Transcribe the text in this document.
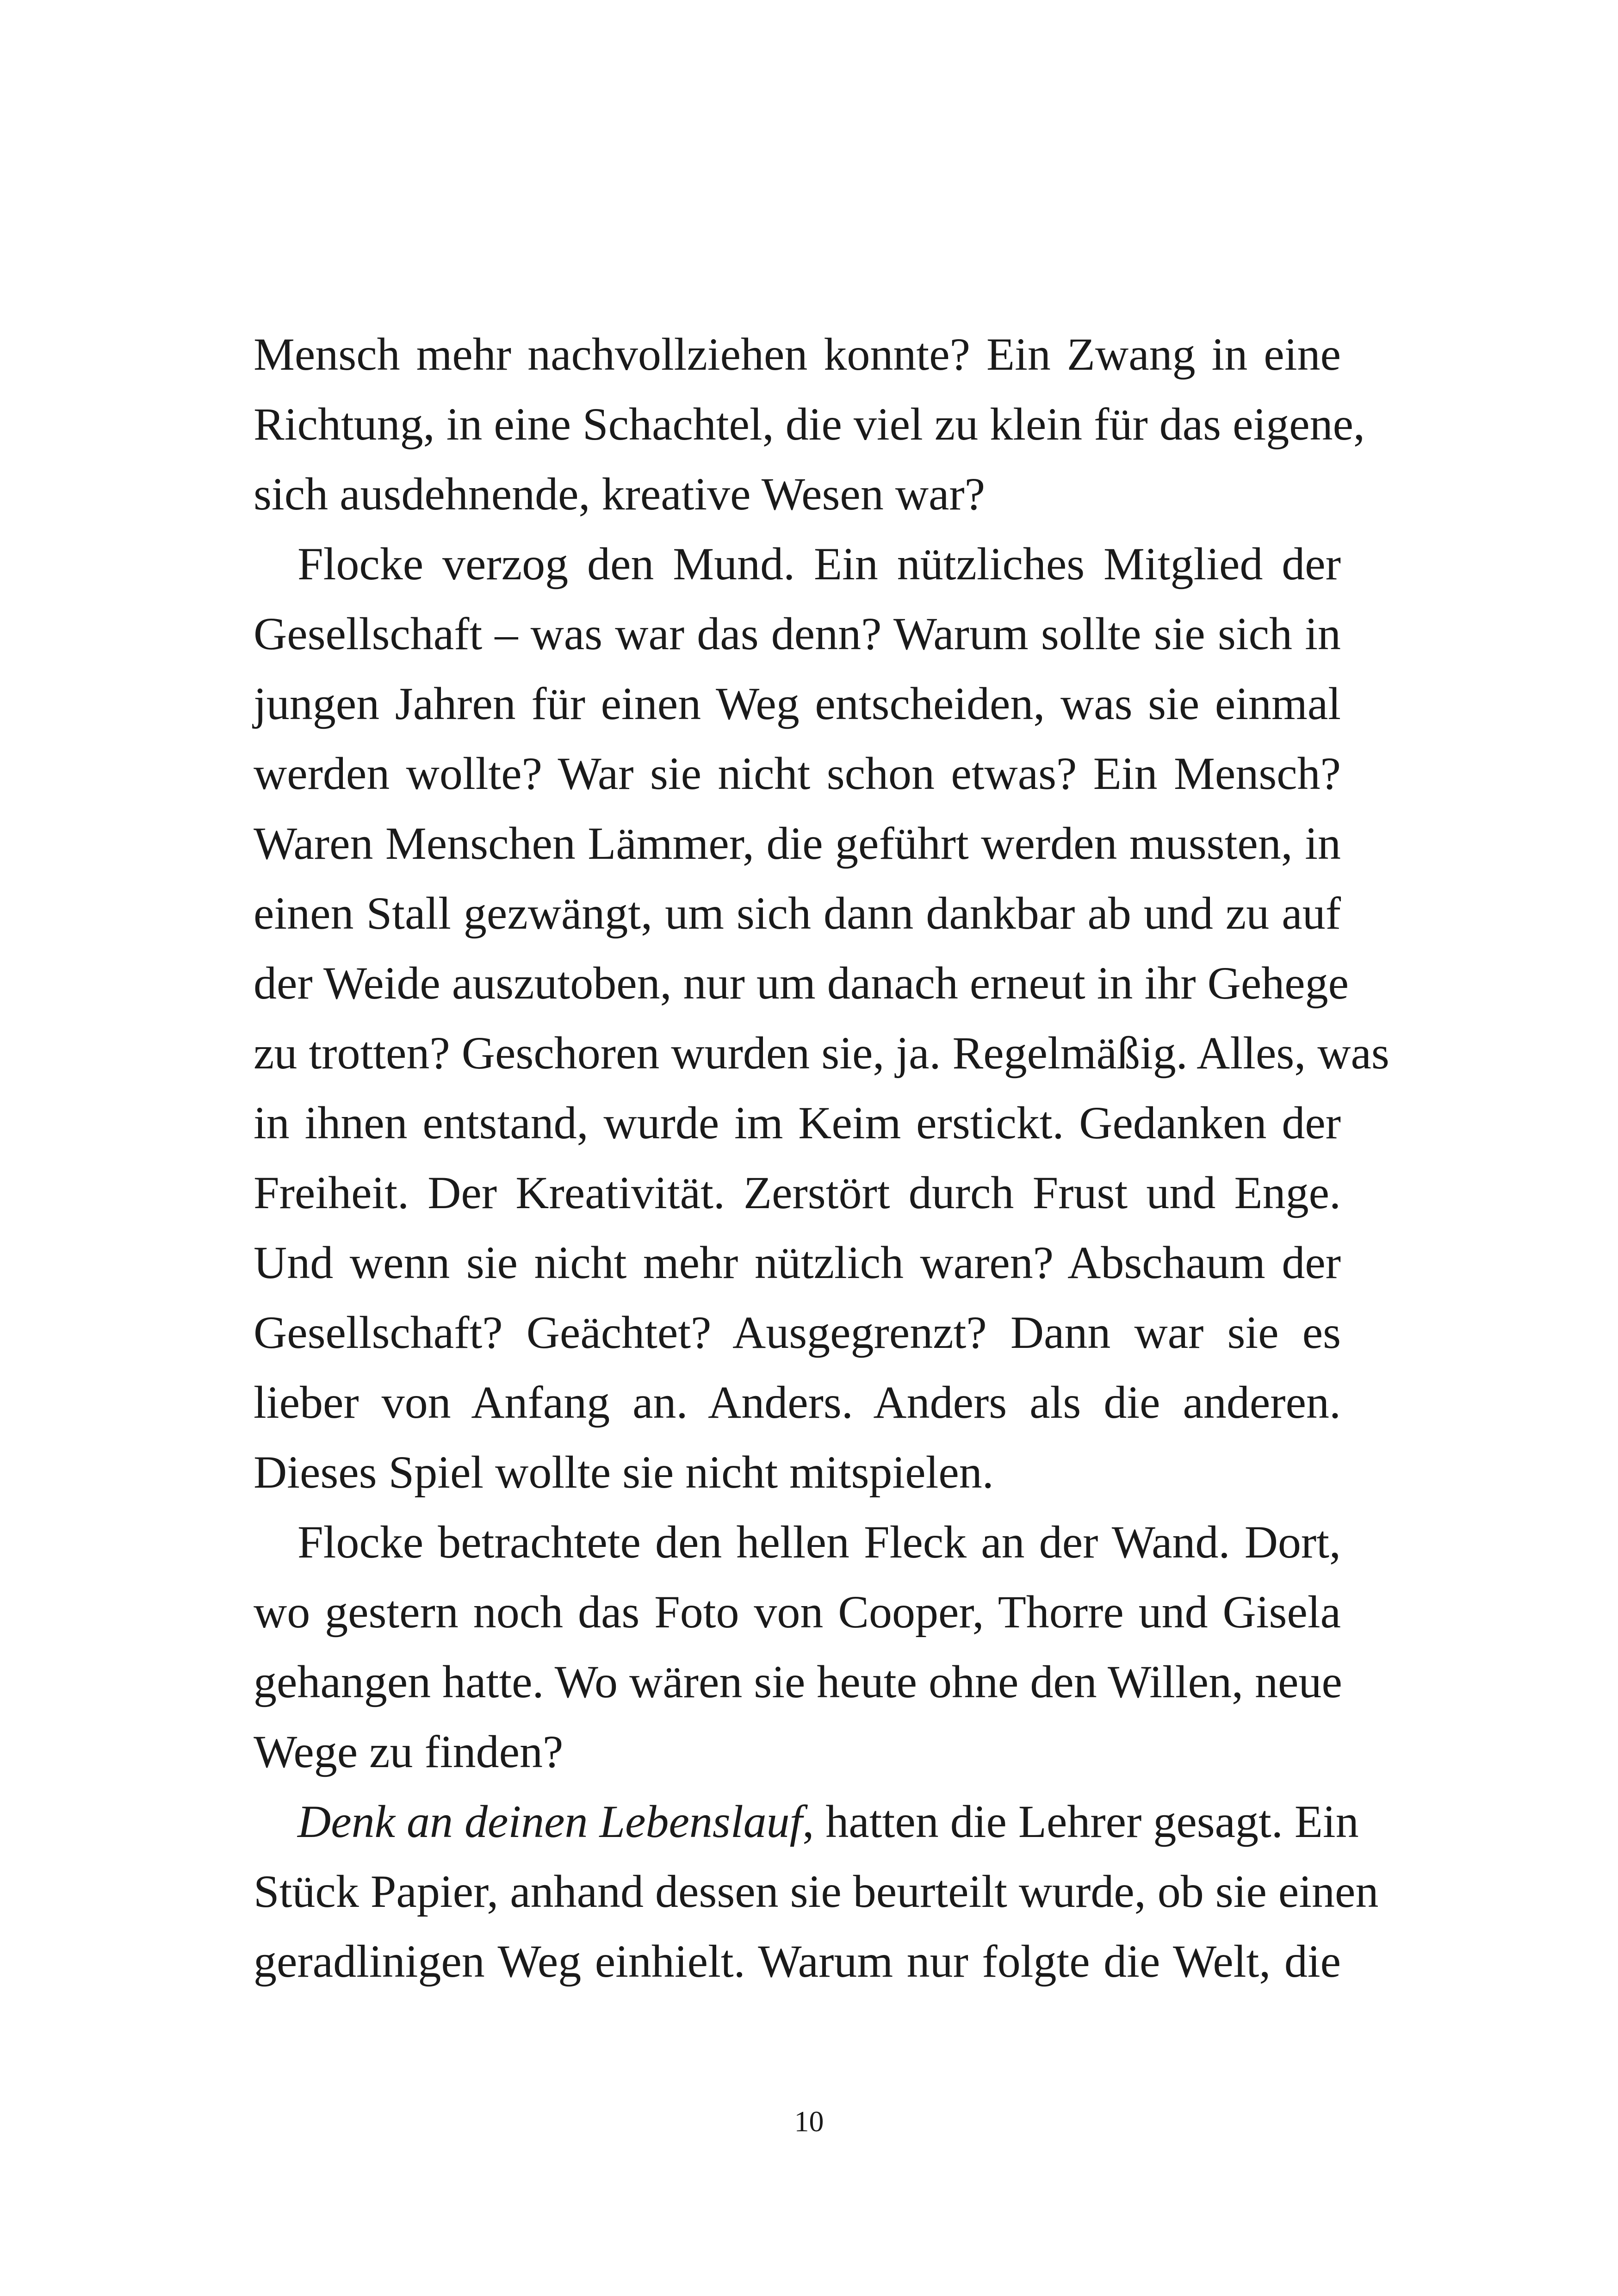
Mensch mehr nachvollziehen konnte? Ein Zwang in eine
Richtung, in eine Schachtel, die viel zu klein für das eigene,
sich ausdehnende, kreative Wesen war?
Flocke verzog den Mund. Ein nützliches Mitglied der
Gesellschaft – was war das denn? Warum sollte sie sich in
jungen Jahren für einen Weg entscheiden, was sie einmal
werden wollte? War sie nicht schon etwas? Ein Mensch?
Waren Menschen Lämmer, die geführt werden mussten, in
einen Stall gezwängt, um sich dann dankbar ab und zu auf
der Weide auszutoben, nur um danach erneut in ihr Gehege
zu trotten? Geschoren wurden sie, ja. Regelmäßig. Alles, was
in ihnen entstand, wurde im Keim erstickt. Gedanken der
Freiheit. Der Kreativität. Zerstört durch Frust und Enge.
Und wenn sie nicht mehr nützlich waren? Abschaum der
Gesellschaft? Geächtet? Ausgegrenzt? Dann war sie es
lieber von Anfang an. Anders. Anders als die anderen.
Dieses Spiel wollte sie nicht mitspielen.
Flocke betrachtete den hellen Fleck an der Wand. Dort,
wo gestern noch das Foto von Cooper, Thorre und Gisela
gehangen hatte. Wo wären sie heute ohne den Willen, neue
Wege zu finden?
Denk an deinen Lebenslauf, hatten die Lehrer gesagt. Ein
Stück Papier, anhand dessen sie beurteilt wurde, ob sie einen
geradlinigen Weg einhielt. Warum nur folgte die Welt, die
10
